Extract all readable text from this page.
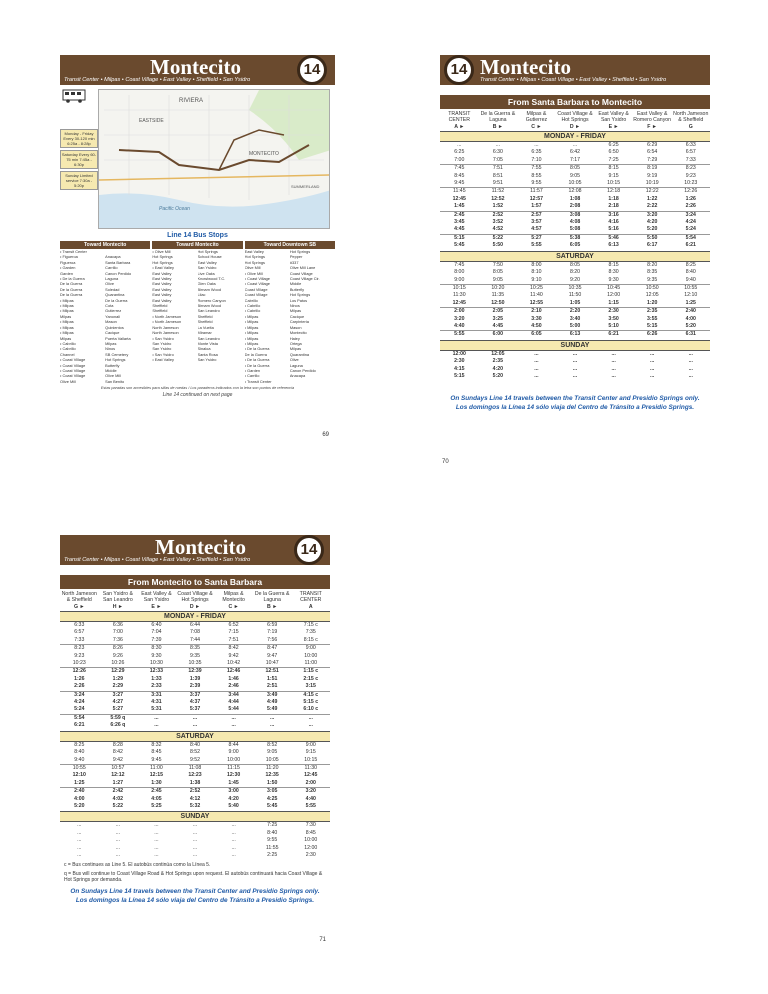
Montecito
Transit Center • Milpas • Coast Village • East Valley • Sheffield • San Ysidro
14
Monday - Friday Every 30-120 min 6:25a - 8:28p
Saturday Every 60-75 min 7:45a - 6:30p
Sunday Limited service 7:30a - 5:20p
RIVIERA
EASTSIDE
MONTECITO
SUMMERLAND
Pacific Ocean
Line 14 Bus Stops
Toward Montecito
• Transit Center
• Figueroa	Anacapa
Figueroa	Santa Barbara
• Garden	Carrillo
Garden	Canon Perdido
• De la Guerra	Laguna
De la Guerra	Olive
De la Guerra	Soledad
De la Guerra	Quarantina
• Milpas	De la Guerra
• Milpas	Cota
• Milpas	Gutierrez
Milpas	Yanonali
• Milpas	Mason
• Milpas	Quinientos
• Milpas	Cacique
Milpas	Puerta Vallarta
• Cabrillo	Milpas
• Cabrillo	Ninos
Channel	SB Cemetery
• Coast Village	Hot Springs
• Coast Village	Butterfly
• Coast Village	Middle
• Coast Village	Olive Mill
Olive Mill	San Benito
Toward Montecito
• Olive Mill	Hot Springs
Hot Springs	School House
Hot Springs	East Valley
• East Valley	San Ysidro
East Valley	Live Oaks
East Valley	Knowlwood T.C.
East Valley	Glen Oaks
East Valley	Birnam Wood
East Valley	Lilac
East Valley	Romero Canyon
Sheffield	Birnam Wood
Sheffield	San Leandro
• North Jameson	Sheffield
• North Jameson	Sheffield
North Jameson	La Vuelta
North Jameson	Miramar
• San Ysidro	San Leandro
San Ysidro	Monte Vista
San Ysidro	Sinaloa
• San Ysidro	Santa Rosa
• East Valley	San Ysidro
Toward Downtown SB
East Valley	Hot Springs
Hot Springs	Pepper
Hot Springs	#337
Olive Mill	Olive Mill Lane
• Olive Mill	Coast Village
• Coast Village	Coast Village Cir.
• Coast Village	Middle
Coast Village	Butterfly
Coast Village	Hot Springs
Cabrillo	Los Patos
• Cabrillo	Ninos
• Cabrillo	Milpas
• Milpas	Cacique
• Milpas	Carpinteria
• Milpas	Mason
• Milpas	Montecito
• Milpas	Haley
• Milpas	Ortega
• De la Guerra	Milpas
De la Guerra	Quarantina
• De la Guerra	Olive
• De la Guerra	Laguna
• Garden	Canon Perdido
• Carrillo	Anacapa
• Transit Center
Estas paradas son accesibles para sillas de ruedas / Los paraderos indicados con la letra son puntos de referencia
Line 14 continued on next page
69
14 Montecito
Transit Center • Milpas • Coast Village • East Valley • Sheffield • San Ysidro
From Santa Barbara to Montecito
TRANSIT CENTER
A ►
De la Guerra & Laguna
B ►
Milpas & Gutierrez
C ►
Coast Village & Hot Springs
D ►
East Valley & San Ysidro
E ►
East Valley & Romero Canyon
F ►
North Jameson & Sheffield
G
MONDAY - FRIDAY
...	...	...	...	6:25	6:29	6:33
6:25	6:30	6:35	6:42	6:50	6:54	6:57
7:00	7:05	7:10	7:17	7:25	7:29	7:33
7:45	7:51	7:55	8:05	8:15	8:19	8:23
8:45	8:51	8:55	9:05	9:15	9:19	9:23
9:45	9:51	9:55	10:05	10:15	10:19	10:23
11:45	11:52	11:57	12:08	12:18	12:22	12:26
12:45	12:52	12:57	1:08	1:18	1:22	1:26
1:45	1:52	1:57	2:08	2:18	2:22	2:26
2:45	2:52	2:57	3:08	3:16	3:20	3:24
3:45	3:52	3:57	4:08	4:16	4:20	4:24
4:45	4:52	4:57	5:08	5:16	5:20	5:24
5:15	5:22	5:27	5:38	5:46	5:50	5:54
5:45	5:50	5:55	6:05	6:13	6:17	6:21
SATURDAY
7:45	7:50	8:00	8:05	8:15	8:20	8:25
8:00	8:05	8:10	8:20	8:30	8:35	8:40
9:00	9:05	9:10	9:20	9:30	9:35	9:40
10:15	10:20	10:25	10:35	10:45	10:50	10:55
11:30	11:35	11:40	11:50	12:00	12:05	12:10
12:45	12:50	12:55	1:05	1:15	1:20	1:25
2:00	2:05	2:10	2:20	2:30	2:35	2:40
3:20	3:25	3:30	3:40	3:50	3:55	4:00
4:40	4:45	4:50	5:00	5:10	5:15	5:20
5:55	6:00	6:05	6:13	6:21	6:26	6:31
SUNDAY
12:00	12:05	...	...	...	...	...
2:30	2:35	...	...	...	...	...
4:15	4:20	...	...	...	...	...
5:15	5:20	...	...	...	...	...
On Sundays Line 14 travels between the Transit Center and Presidio Springs only.
Los domingos la Línea 14 sólo viaja del Centro de Tránsito a Presidio Springs.
70
Montecito
Transit Center • Milpas • Coast Village • East Valley • Sheffield • San Ysidro
14
From Montecito to Santa Barbara
North Jameson & Sheffield
G ►
San Ysidro & San Leandro
H ►
East Valley & San Ysidro
E ►
Coast Village & Hot Springs
D ►
Milpas & Montecito
C ►
De la Guerra & Laguna
B ►
TRANSIT CENTER
A
MONDAY - FRIDAY
6:33	6:36	6:40	6:44	6:52	6:59	7:15 c
6:57	7:00	7:04	7:08	7:15	7:19	7:35
7:33	7:36	7:39	7:44	7:51	7:56	8:15 c
8:23	8:26	8:30	8:35	8:42	8:47	9:00
9:23	9:26	9:30	9:35	9:42	9:47	10:00
10:23	10:26	10:30	10:35	10:42	10:47	11:00
12:26	12:29	12:33	12:39	12:46	12:51	1:15 c
1:26	1:29	1:33	1:39	1:46	1:51	2:15 c
2:26	2:29	2:33	2:39	2:46	2:51	3:15
3:24	3:27	3:31	3:37	3:44	3:49	4:15 c
4:24	4:27	4:31	4:37	4:44	4:49	5:15 c
5:24	5:27	5:31	5:37	5:44	5:49	6:10 c
5:54	5:59 q	...	...	...	...	...
6:21	6:26 q	...	...	...	...	...
SATURDAY
8:25	8:28	8:32	8:40	8:44	8:52	9:00
8:40	8:42	8:45	8:52	9:00	9:05	9:15
9:40	9:42	9:45	9:52	10:00	10:05	10:15
10:55	10:57	11:00	11:08	11:15	11:20	11:30
12:10	12:12	12:15	12:23	12:30	12:35	12:45
1:25	1:27	1:30	1:38	1:45	1:50	2:00
2:40	2:42	2:45	2:52	3:00	3:05	3:20
4:00	4:02	4:05	4:12	4:20	4:25	4:40
5:20	5:22	5:25	5:32	5:40	5:45	5:55
SUNDAY
...	...	...	...	...	7:25	7:30
...	...	...	...	...	8:40	8:45
...	...	...	...	...	9:55	10:00
...	...	...	...	...	11:55	12:00
...	...	...	...	...	2:25	2:30
c = Bus continues as Line 5. El autobús continúa como la Línea 5.
q = Bus will continue to Coast Village Road & Hot Springs upon request. El autobús continuará hacia Coast Village & Hot Springs por demanda.
On Sundays Line 14 travels between the Transit Center and Presidio Springs only.
Los domingos la Línea 14 sólo viaja del Centro de Tránsito a Presidio Springs.
71
